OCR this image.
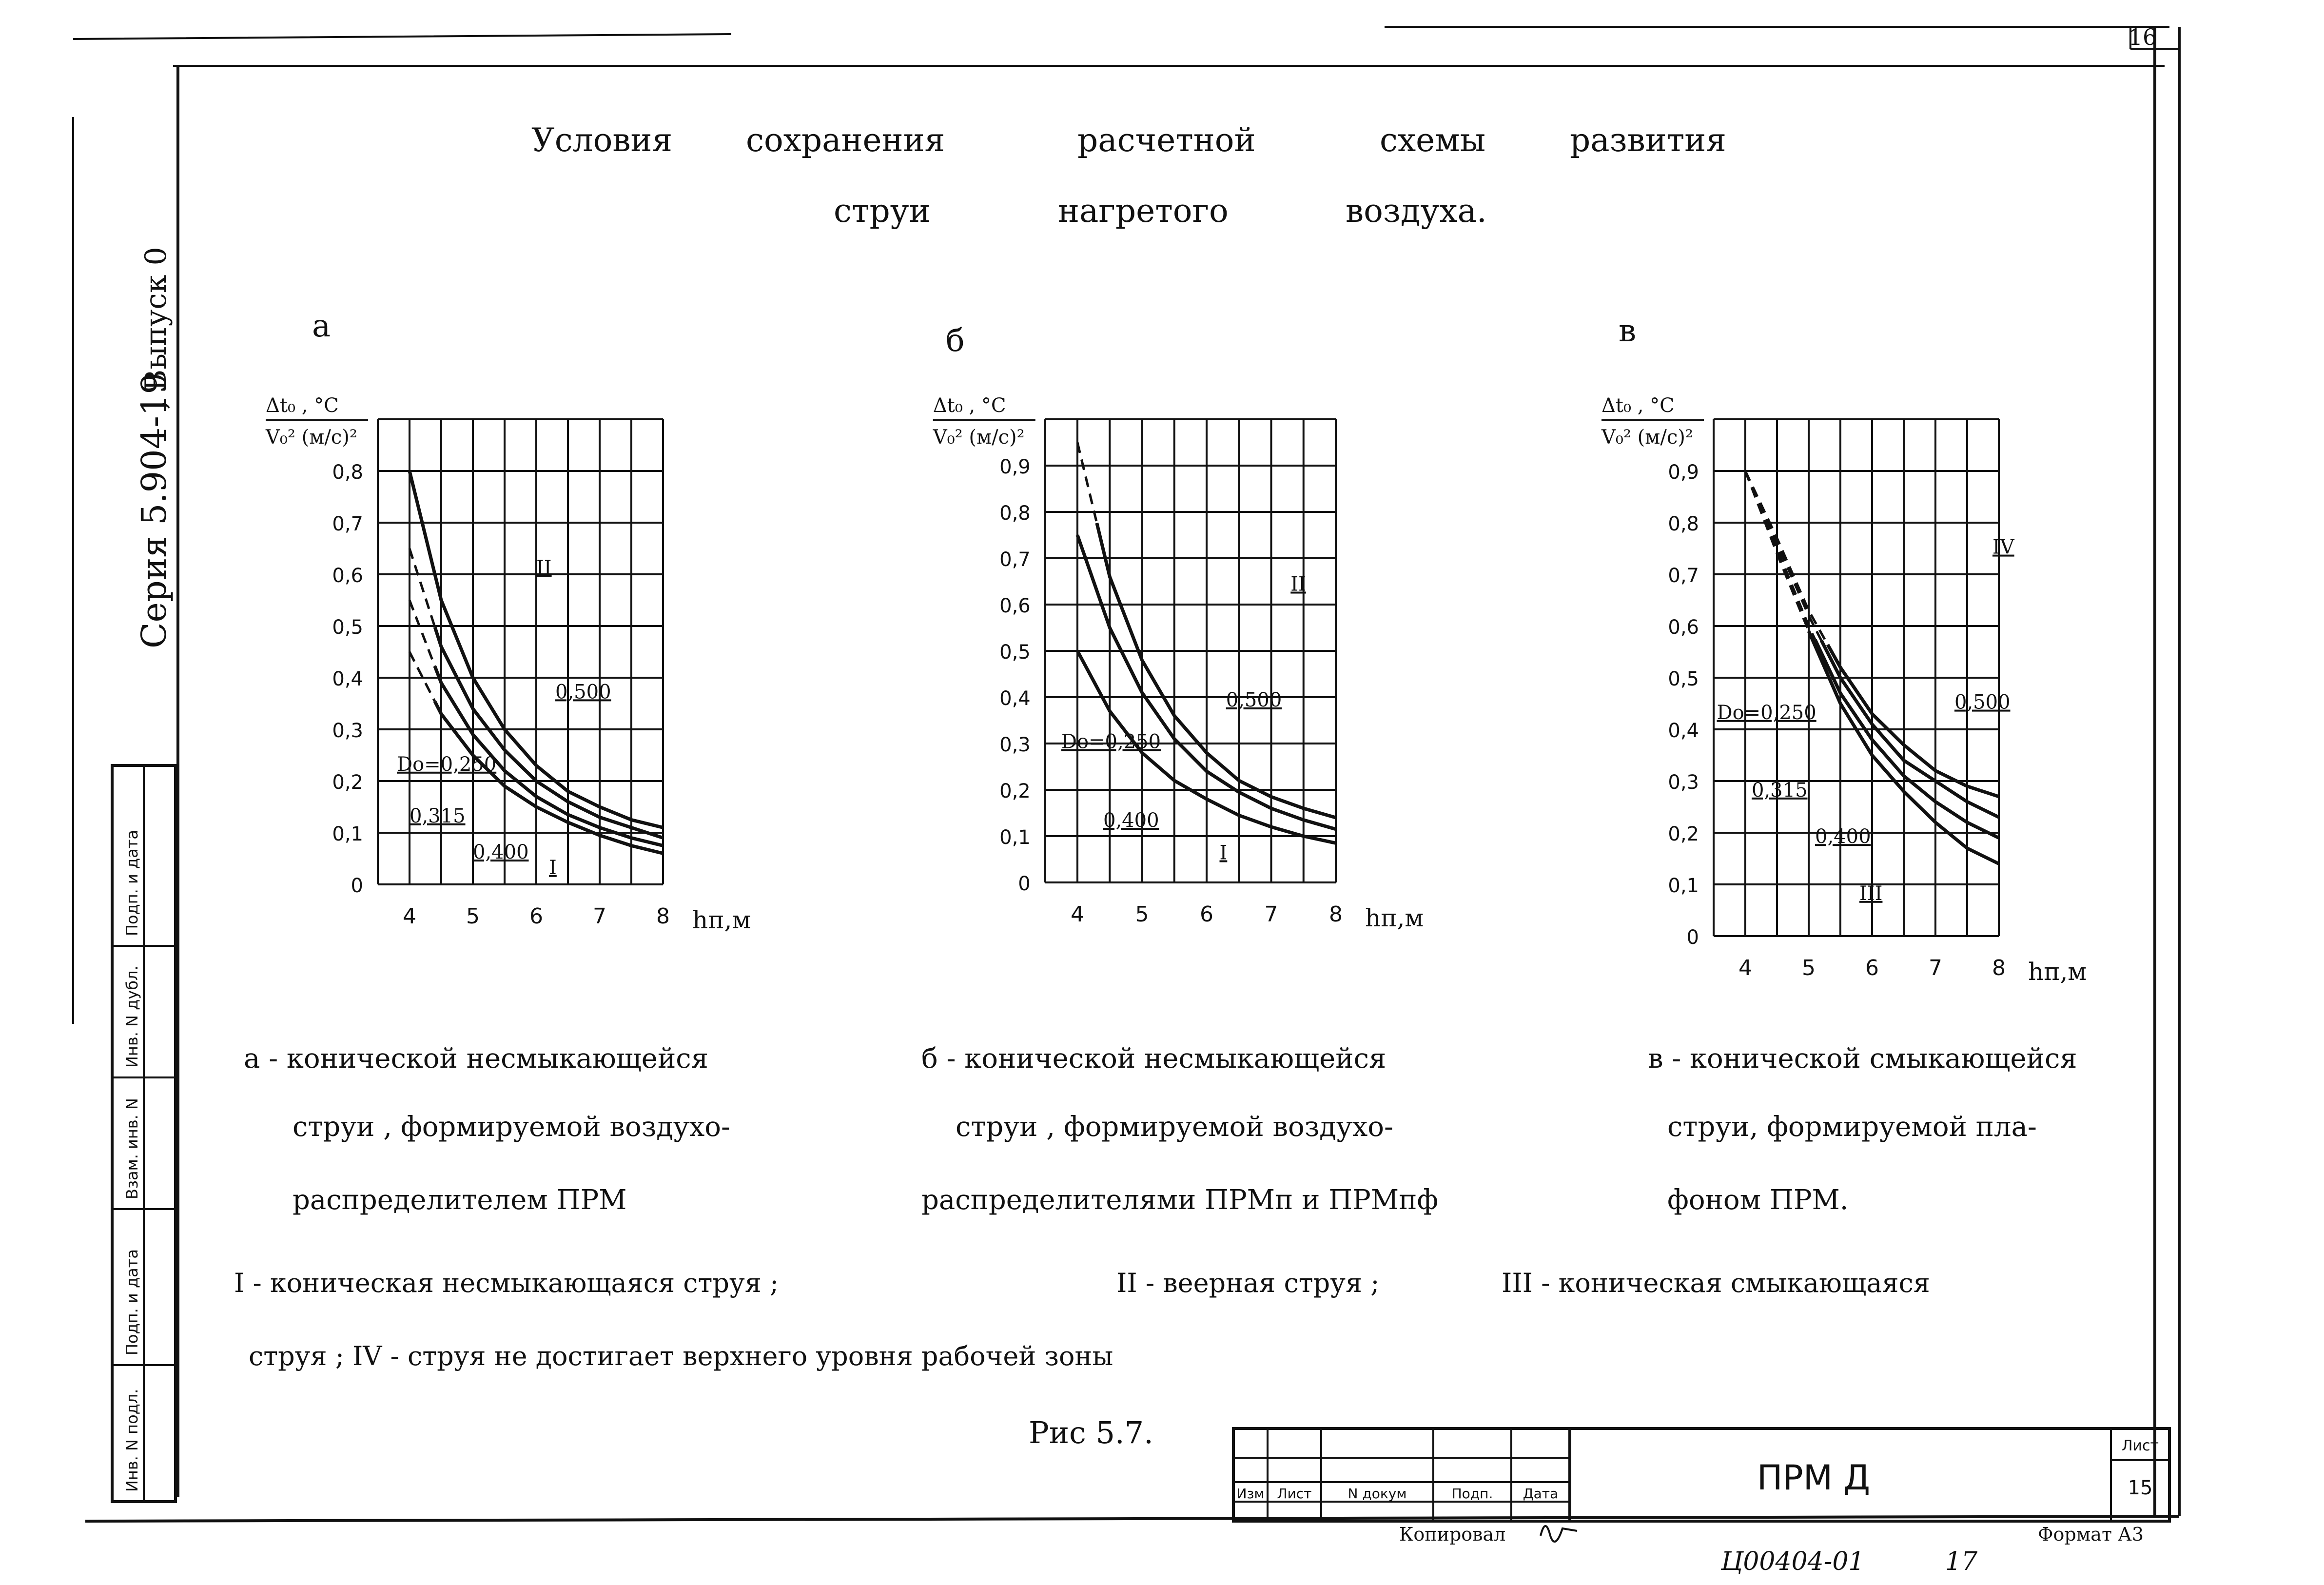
16
Серия 5.904-19
, Выпуск 0
Инв. N подл.
Подп. и дата
Взам. инв. N
Инв. N дубл.
Подп. и дата
Условия сохранения	расчетной	схемы	развития
струи	нагретого	воздуха.
а
0
0,1
0,2
0,3
0,4
0,5
0,6
0,7
0,8
4 5 6 7 8 hп,м
Δt₀ , °С
V₀² (м/с)²
0,500
Dо=0,250
0,315
0,400
II
I
б
0
0,1
0,2
0,3
0,4
0,5
0,6
0,7
0,8
0,9
4 5 6 7 8 hп,м
Δt₀ , °С
V₀² (м/с)²
0,500
Dо=0,250
0,400
II
I
в
0
0,1
0,2
0,3
0,4
0,5
0,6
0,7
0,8
0,9
4 5 6 7 8 hп,м
Δt₀ , °С
V₀² (м/с)²
Dо=0,250	0,500
0,315
0,400
IV
III
а - конической несмыкающейся
струи , формируемой воздухо-
распределителем ПРМ
б - конической несмыкающейся
струи , формируемой воздухо-
распределителями ПРМп и ПРМпф
в - конической смыкающейся
струи, формируемой пла-
фоном ПРМ.
I - коническая несмыкающаяся струя ;	II - веерная струя ;	III - коническая смыкающаяся
струя ; IV - струя не достигает верхнего уровня рабочей зоны
Рис 5.7.
Изм Лист	N докум	Подп. Дата	ПРМ Д
Лист
15
Копировал	Формат А3
Ц00404-01	17
